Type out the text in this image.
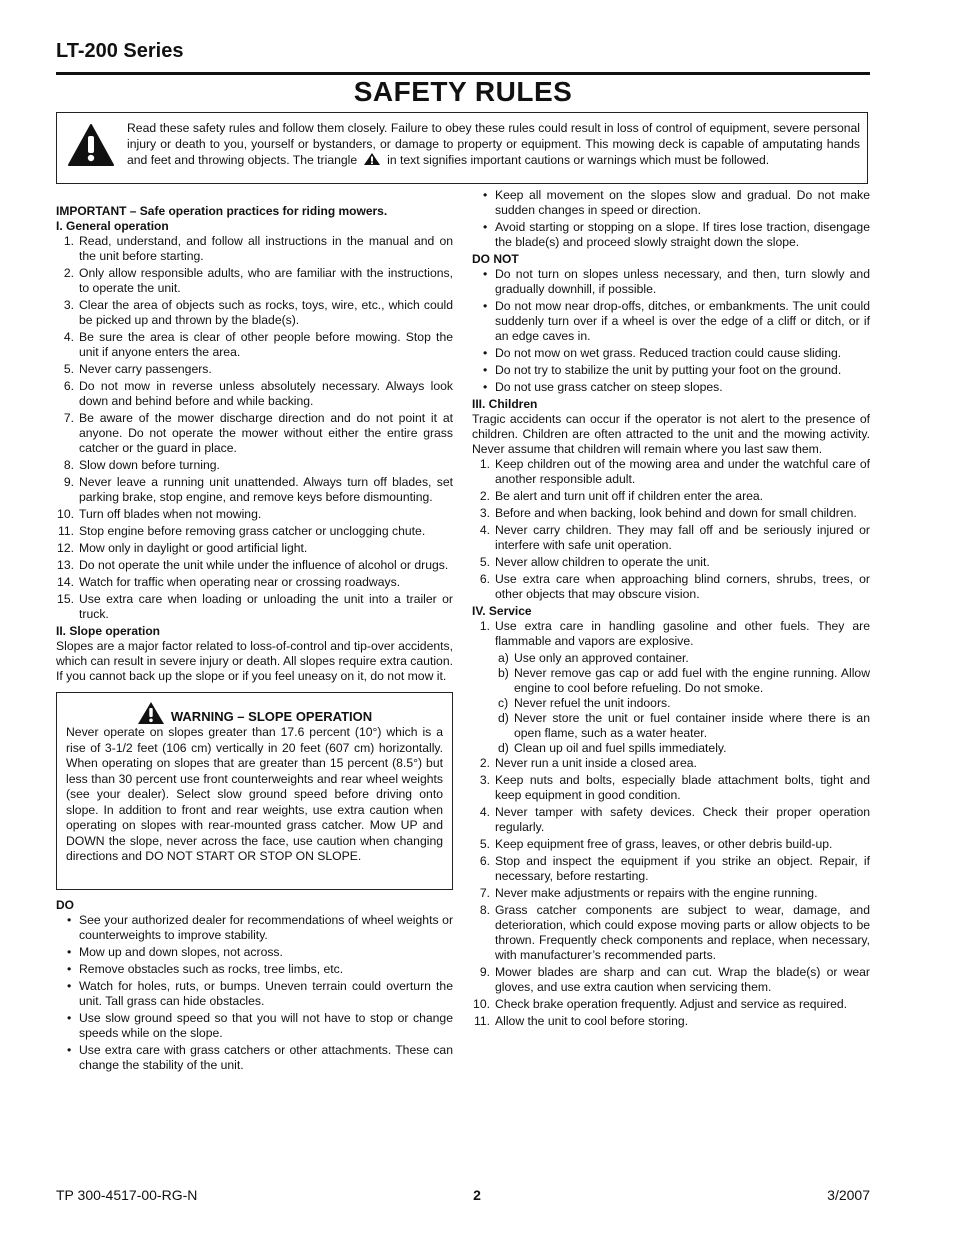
LT-200 Series
SAFETY RULES

Read these safety rules and follow them closely. Failure to obey these rules could result in loss of control of equipment, severe personal injury or death to you, yourself or bystanders, or damage to property or equipment. This mowing deck is capable of amputating hands and feet and throwing objects. The triangle in text signifies important cautions or warnings which must be followed.

IMPORTANT – Safe operation practices for riding mowers.

I. General operation

1. Read, understand, and follow all instructions in the manual and on the unit before starting.
2. Only allow responsible adults, who are familiar with the instructions, to operate the unit.
3. Clear the area of objects such as rocks, toys, wire, etc., which could be picked up and thrown by the blade(s).
4. Be sure the area is clear of other people before mowing. Stop the unit if anyone enters the area.
5. Never carry passengers.
6. Do not mow in reverse unless absolutely necessary. Always look down and behind before and while backing.
7. Be aware of the mower discharge direction and do not point it at anyone. Do not operate the mower without either the entire grass catcher or the guard in place.
8. Slow down before turning.
9. Never leave a running unit unattended. Always turn off blades, set parking brake, stop engine, and remove keys before dismounting.
10. Turn off blades when not mowing.
11. Stop engine before removing grass catcher or unclogging chute.
12. Mow only in daylight or good artificial light.
13. Do not operate the unit while under the influence of alcohol or drugs.
14. Watch for traffic when operating near or crossing roadways.
15. Use extra care when loading or unloading the unit into a trailer or truck.

II. Slope operation

Slopes are a major factor related to loss-of-control and tip-over accidents, which can result in severe injury or death. All slopes require extra caution. If you cannot back up the slope or if you feel uneasy on it, do not mow it.

WARNING – SLOPE OPERATION

Never operate on slopes greater than 17.6 percent (10°) which is a rise of 3-1/2 feet (106 cm) vertically in 20 feet (607 cm) horizontally. When operating on slopes that are greater than 15 percent (8.5°) but less than 30 percent use front counterweights and rear wheel weights (see your dealer). Select slow ground speed before driving onto slope. In addition to front and rear weights, use extra caution when operating on slopes with rear-mounted grass catcher. Mow UP and DOWN the slope, never across the face, use caution when changing directions and DO NOT START OR STOP ON SLOPE.

DO

• See your authorized dealer for recommendations of wheel weights or counterweights to improve stability.
• Mow up and down slopes, not across.
• Remove obstacles such as rocks, tree limbs, etc.
• Watch for holes, ruts, or bumps. Uneven terrain could overturn the unit. Tall grass can hide obstacles.
• Use slow ground speed so that you will not have to stop or change speeds while on the slope.
• Use extra care with grass catchers or other attachments. These can change the stability of the unit.
• Keep all movement on the slopes slow and gradual. Do not make sudden changes in speed or direction.
• Avoid starting or stopping on a slope. If tires lose traction, disengage the blade(s) and proceed slowly straight down the slope.

DO NOT

• Do not turn on slopes unless necessary, and then, turn slowly and gradually downhill, if possible.
• Do not mow near drop-offs, ditches, or embankments. The unit could suddenly turn over if a wheel is over the edge of a cliff or ditch, or if an edge caves in.
• Do not mow on wet grass. Reduced traction could cause sliding.
• Do not try to stabilize the unit by putting your foot on the ground.
• Do not use grass catcher on steep slopes.

III. Children

Tragic accidents can occur if the operator is not alert to the presence of children. Children are often attracted to the unit and the mowing activity. Never assume that children will remain where you last saw them.

1. Keep children out of the mowing area and under the watchful care of another responsible adult.
2. Be alert and turn unit off if children enter the area.
3. Before and when backing, look behind and down for small children.
4. Never carry children. They may fall off and be seriously injured or interfere with safe unit operation.
5. Never allow children to operate the unit.
6. Use extra care when approaching blind corners, shrubs, trees, or other objects that may obscure vision.

IV. Service

1. Use extra care in handling gasoline and other fuels. They are flammable and vapors are explosive.
a) Use only an approved container.
b) Never remove gas cap or add fuel with the engine running. Allow engine to cool before refueling. Do not smoke.
c) Never refuel the unit indoors.
d) Never store the unit or fuel container inside where there is an open flame, such as a water heater.
d) Clean up oil and fuel spills immediately.
2. Never run a unit inside a closed area.
3. Keep nuts and bolts, especially blade attachment bolts, tight and keep equipment in good condition.
4. Never tamper with safety devices. Check their proper operation regularly.
5. Keep equipment free of grass, leaves, or other debris build-up.
6. Stop and inspect the equipment if you strike an object. Repair, if necessary, before restarting.
7. Never make adjustments or repairs with the engine running.
8. Grass catcher components are subject to wear, damage, and deterioration, which could expose moving parts or allow objects to be thrown. Frequently check components and replace, when necessary, with manufacturer’s recommended parts.
9. Mower blades are sharp and can cut. Wrap the blade(s) or wear gloves, and use extra caution when servicing them.
10. Check brake operation frequently. Adjust and service as required.
11. Allow the unit to cool before storing.
TP 300-4517-00-RG-N	2	3/2007
